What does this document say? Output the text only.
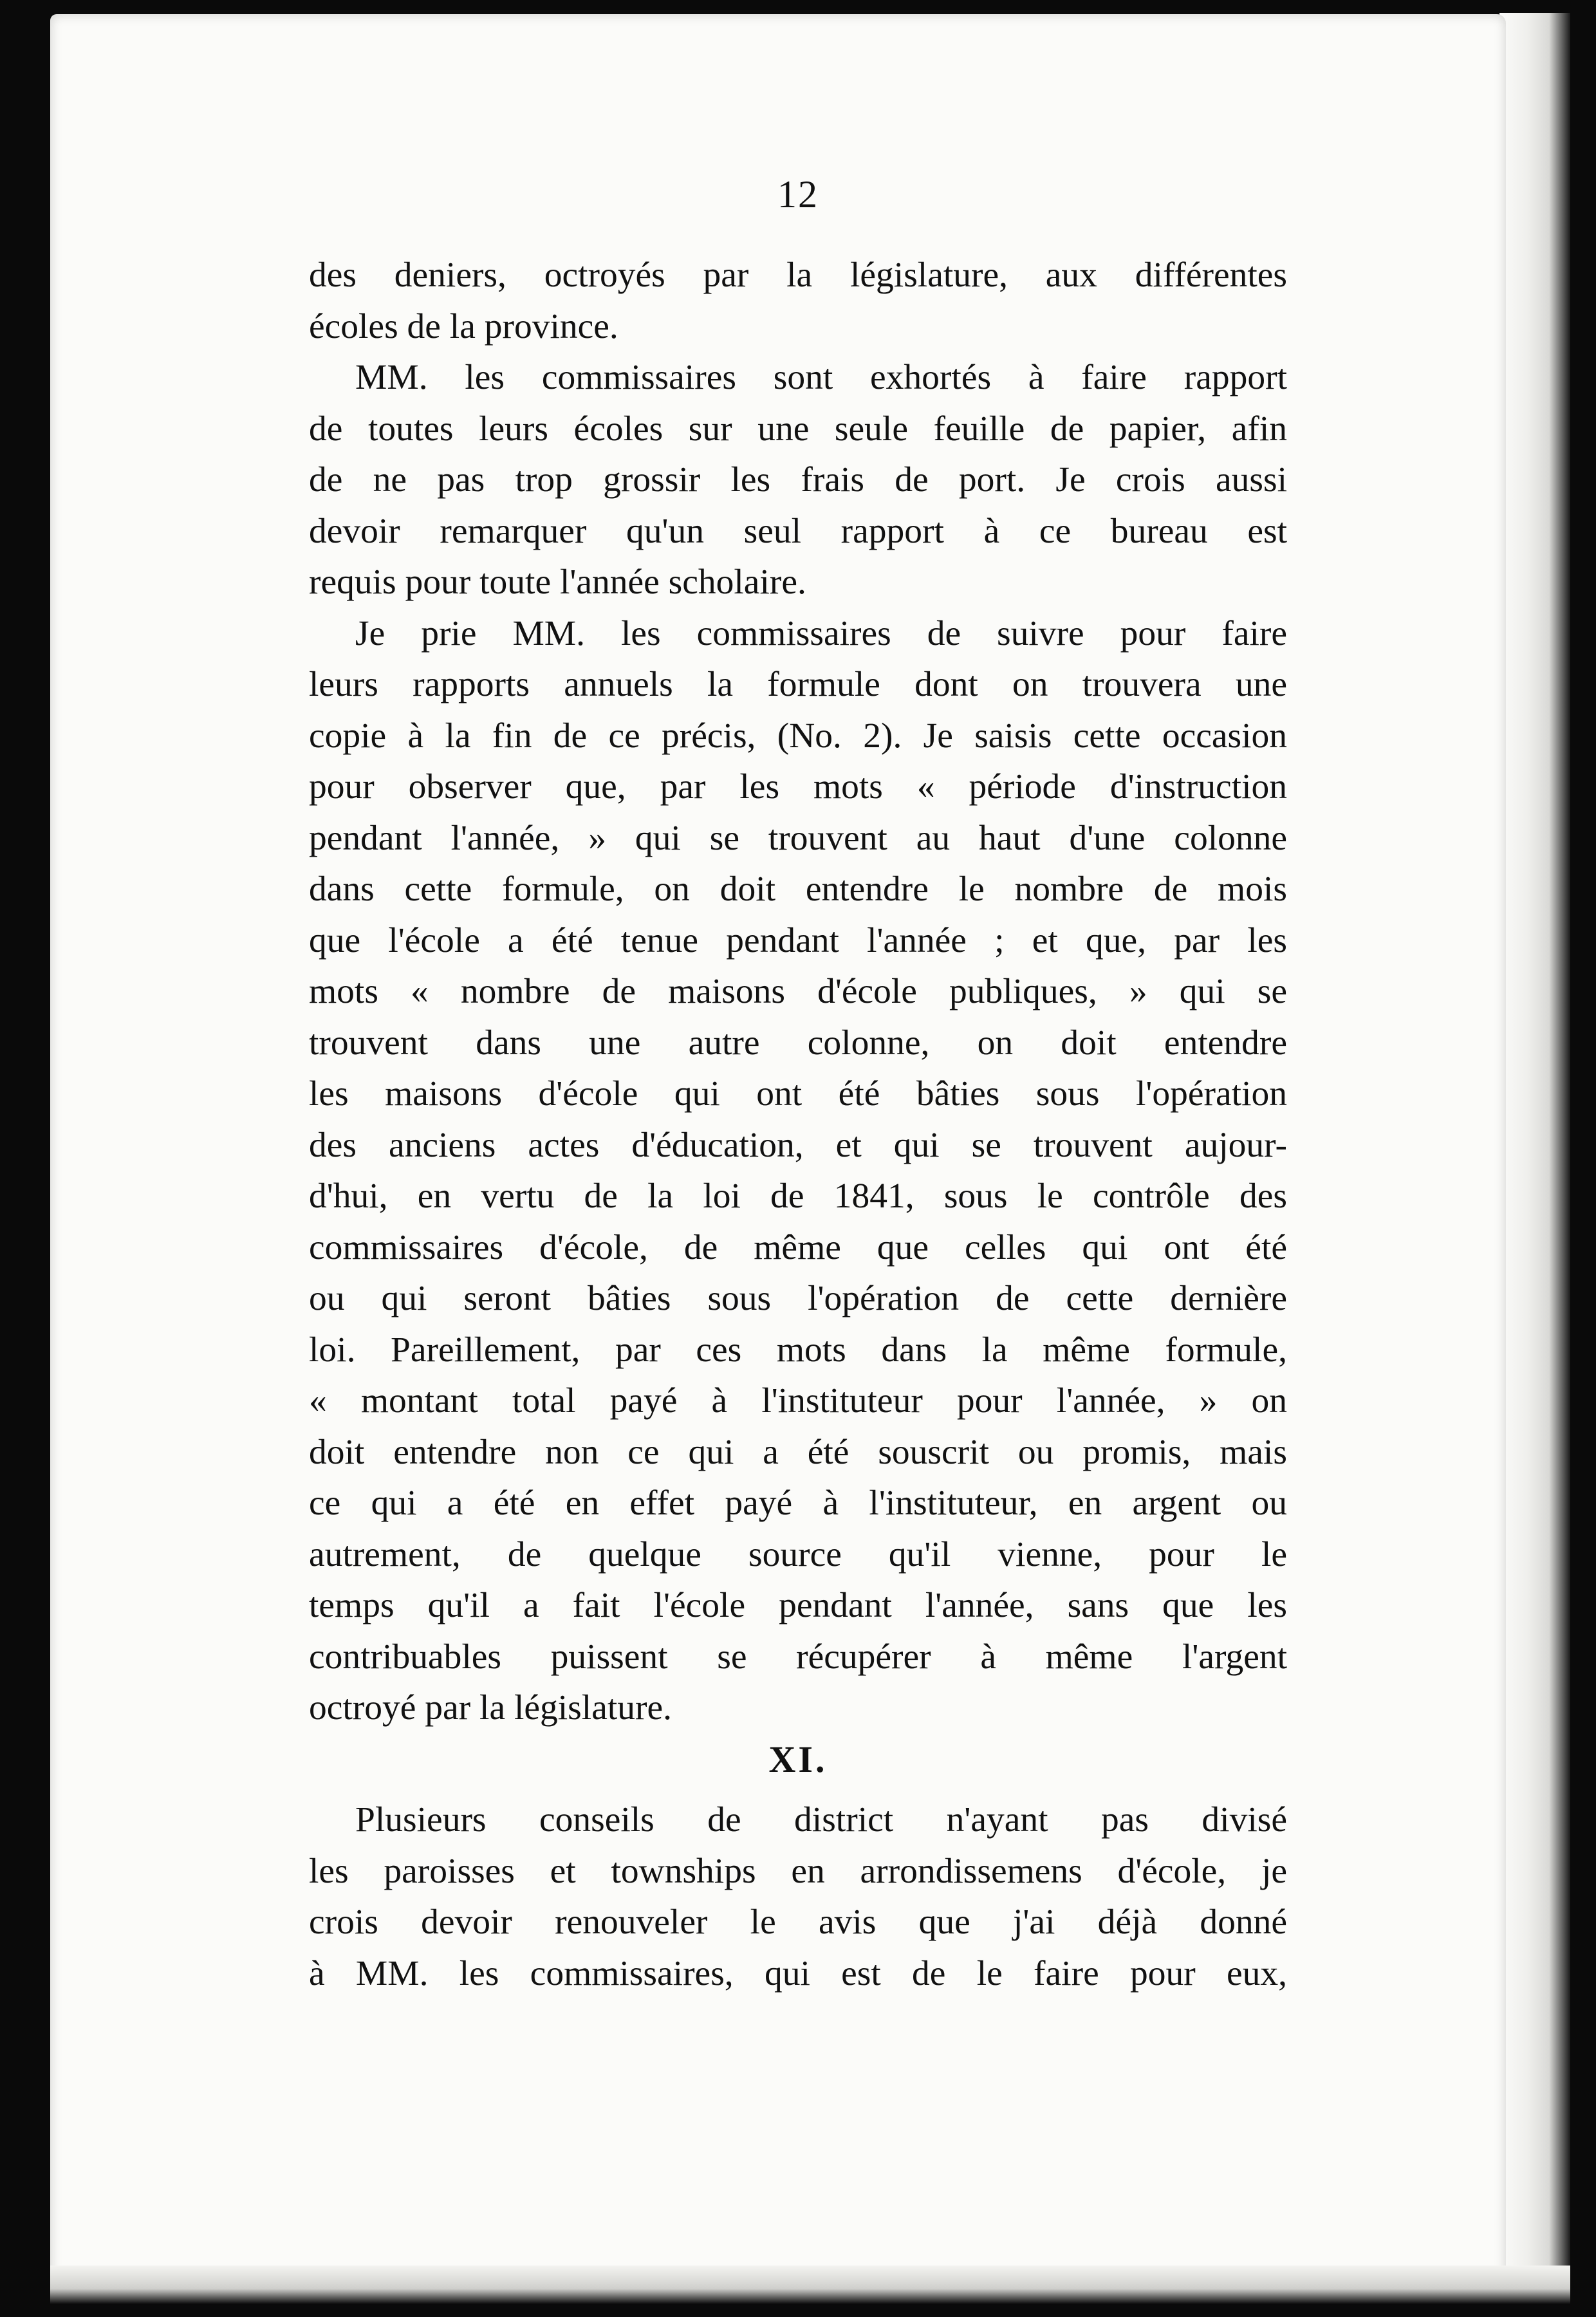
12
des deniers, octroyés par la législature, aux différentes
écoles de la province.
MM. les commissaires sont exhortés à faire rapport
de toutes leurs écoles sur une seule feuille de papier, afin
de ne pas trop grossir les frais de port. Je crois aussi
devoir remarquer qu'un seul rapport à ce bureau est
requis pour toute l'année scholaire.
Je prie MM. les commissaires de suivre pour faire
leurs rapports annuels la formule dont on trouvera une
copie à la fin de ce précis, (No. 2). Je saisis cette occasion
pour observer que, par les mots « période d'instruction
pendant l'année, » qui se trouvent au haut d'une colonne
dans cette formule, on doit entendre le nombre de mois
que l'école a été tenue pendant l'année ; et que, par les
mots « nombre de maisons d'école publiques, » qui se
trouvent dans une autre colonne, on doit entendre
les maisons d'école qui ont été bâties sous l'opération
des anciens actes d'éducation, et qui se trouvent aujour-
d'hui, en vertu de la loi de 1841, sous le contrôle des
commissaires d'école, de même que celles qui ont été
ou qui seront bâties sous l'opération de cette dernière
loi. Pareillement, par ces mots dans la même formule,
« montant total payé à l'instituteur pour l'année, » on
doit entendre non ce qui a été souscrit ou promis, mais
ce qui a été en effet payé à l'instituteur, en argent ou
autrement, de quelque source qu'il vienne, pour le
temps qu'il a fait l'école pendant l'année, sans que les
contribuables puissent se récupérer à même l'argent
octroyé par la législature.
XI.
Plusieurs conseils de district n'ayant pas divisé
les paroisses et townships en arrondissemens d'école, je
crois devoir renouveler le avis que j'ai déjà donné
à MM. les commissaires, qui est de le faire pour eux,
